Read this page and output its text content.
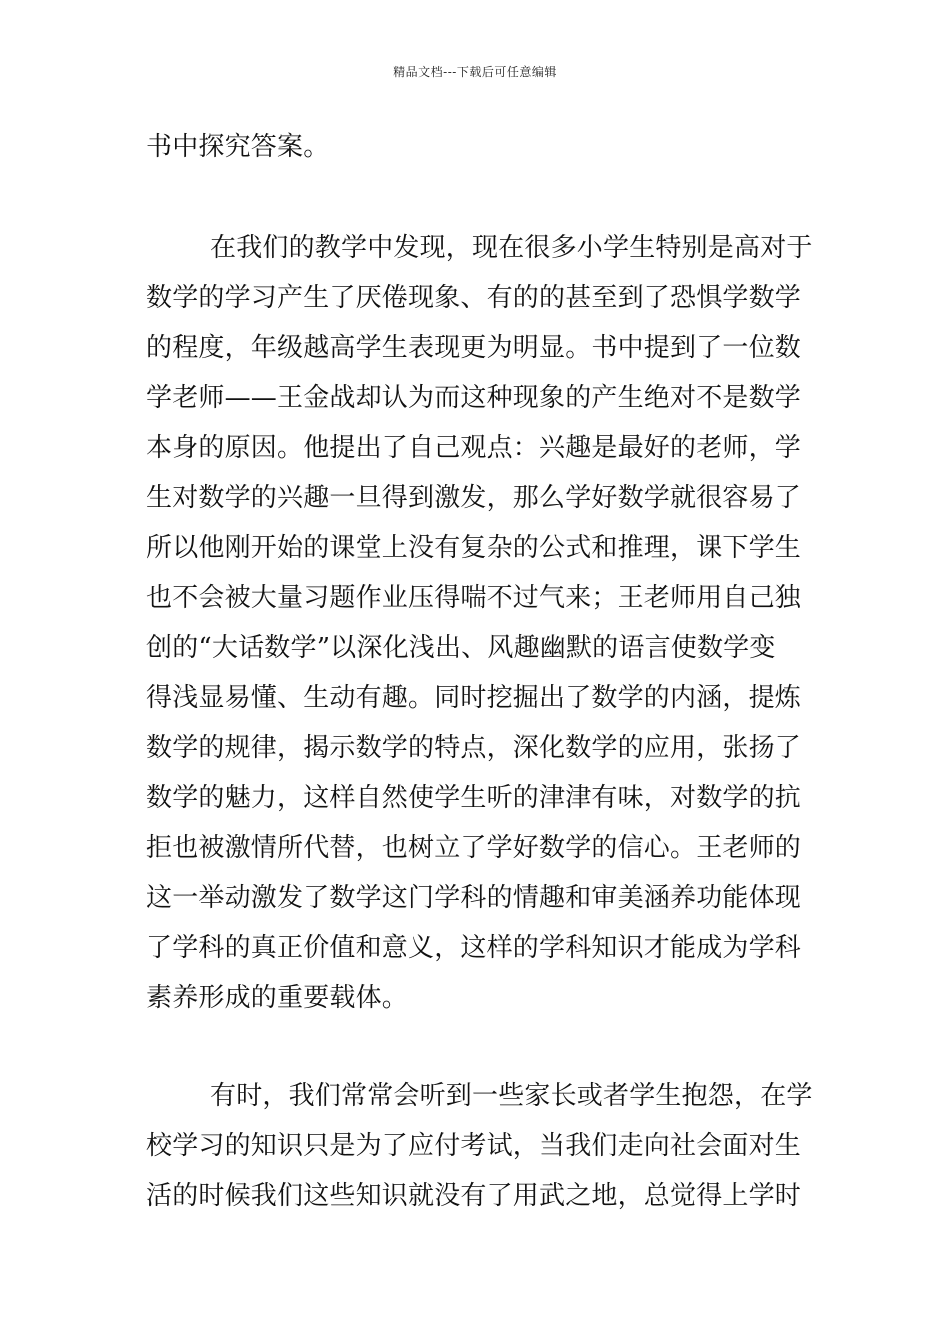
精品文档---下载后可任意编辑
书中探究答案。
在我们的教学中发现，现在很多小学生特别是高对于
数学的学习产生了厌倦现象、有的的甚至到了恐惧学数学
的程度，年级越高学生表现更为明显。书中提到了一位数
学老师——王金战却认为而这种现象的产生绝对不是数学
本身的原因。他提出了自己观点：兴趣是最好的老师，学
生对数学的兴趣一旦得到激发，那么学好数学就很容易了
所以他刚开始的课堂上没有复杂的公式和推理，课下学生
也不会被大量习题作业压得喘不过气来；王老师用自己独
创的“大话数学”以深化浅出、风趣幽默的语言使数学变
得浅显易懂、生动有趣。同时挖掘出了数学的内涵，提炼
数学的规律，揭示数学的特点，深化数学的应用，张扬了
数学的魅力，这样自然使学生听的津津有味，对数学的抗
拒也被激情所代替，也树立了学好数学的信心。王老师的
这一举动激发了数学这门学科的情趣和审美涵养功能体现
了学科的真正价值和意义，这样的学科知识才能成为学科
素养形成的重要载体。
有时，我们常常会听到一些家长或者学生抱怨，在学
校学习的知识只是为了应付考试，当我们走向社会面对生
活的时候我们这些知识就没有了用武之地，总觉得上学时
